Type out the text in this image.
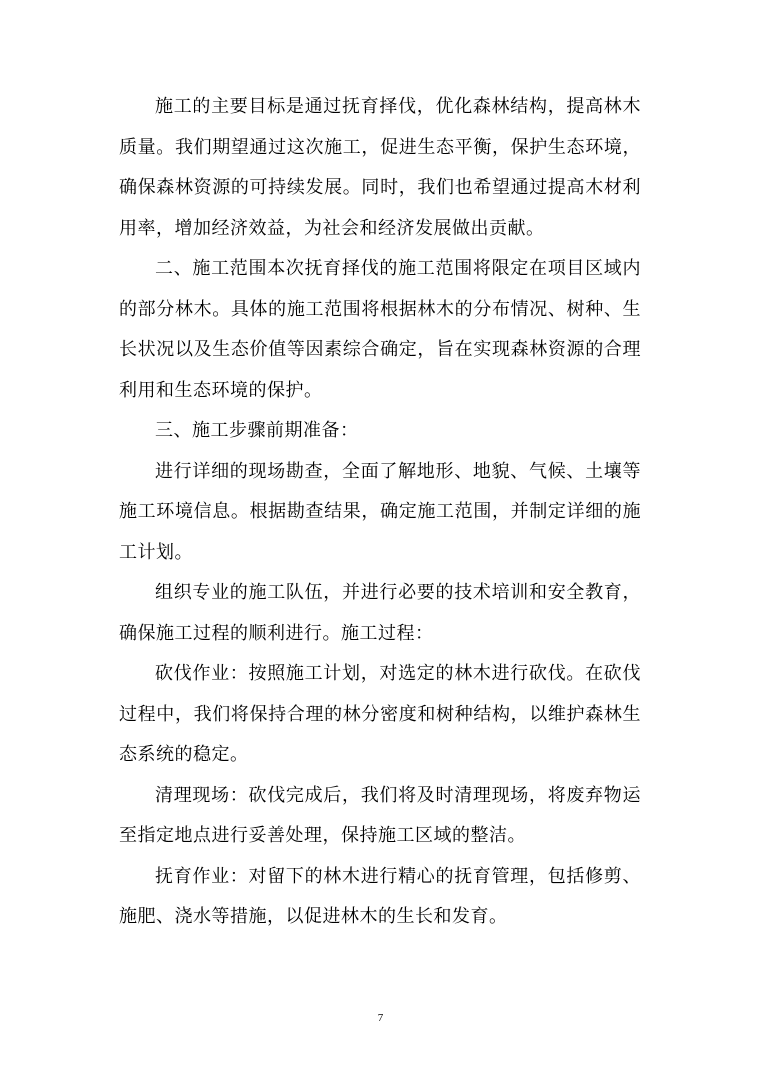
施工的主要目标是通过抚育择伐，优化森林结构，提高林木质量。我们期望通过这次施工，促进生态平衡，保护生态环境，确保森林资源的可持续发展。同时，我们也希望通过提高木材利用率，增加经济效益，为社会和经济发展做出贡献。

二、施工范围本次抚育择伐的施工范围将限定在项目区域内的部分林木。具体的施工范围将根据林木的分布情况、树种、生长状况以及生态价值等因素综合确定，旨在实现森林资源的合理利用和生态环境的保护。

三、施工步骤前期准备：

进行详细的现场勘查，全面了解地形、地貌、气候、土壤等施工环境信息。根据勘查结果，确定施工范围，并制定详细的施工计划。

组织专业的施工队伍，并进行必要的技术培训和安全教育，确保施工过程的顺利进行。施工过程：

砍伐作业：按照施工计划，对选定的林木进行砍伐。在砍伐过程中，我们将保持合理的林分密度和树种结构，以维护森林生态系统的稳定。

清理现场：砍伐完成后，我们将及时清理现场，将废弃物运至指定地点进行妥善处理，保持施工区域的整洁。

抚育作业：对留下的林木进行精心的抚育管理，包括修剪、施肥、浇水等措施，以促进林木的生长和发育。

7
